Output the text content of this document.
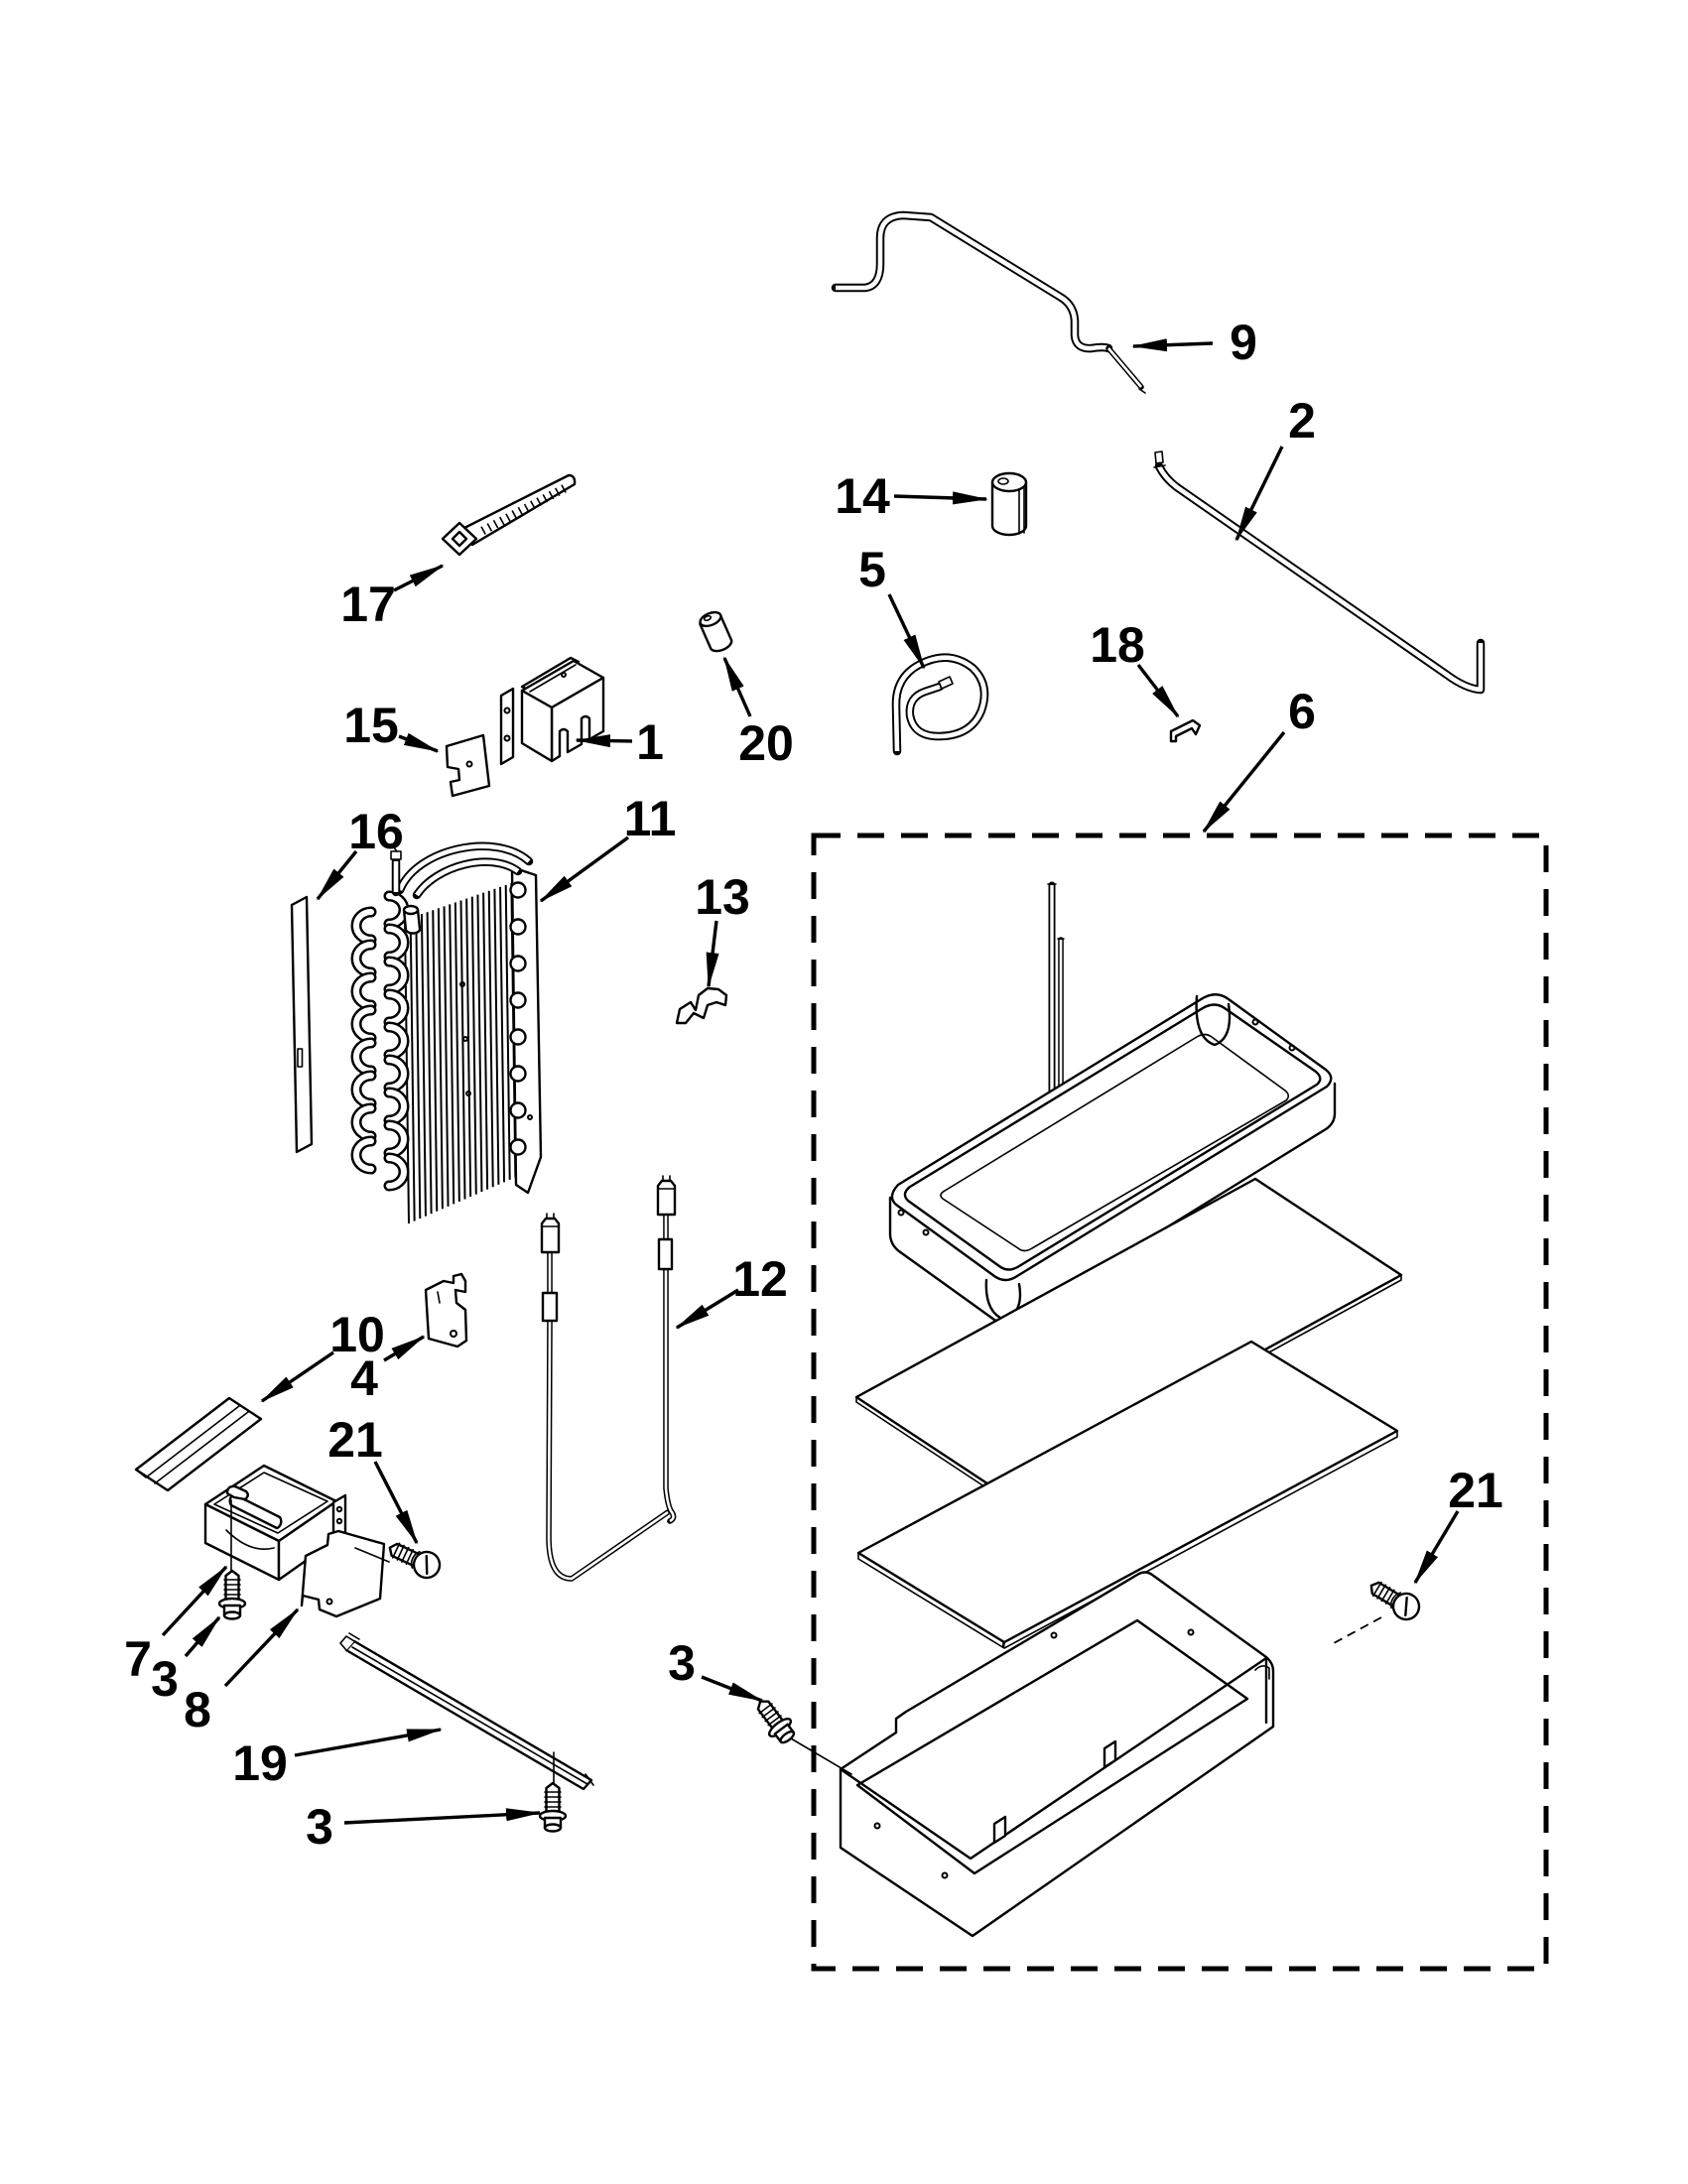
9
2
14
17
5
18
6
15	1 20
16	11
13
12
10
4
21
7 3
8
19
3
3
21
